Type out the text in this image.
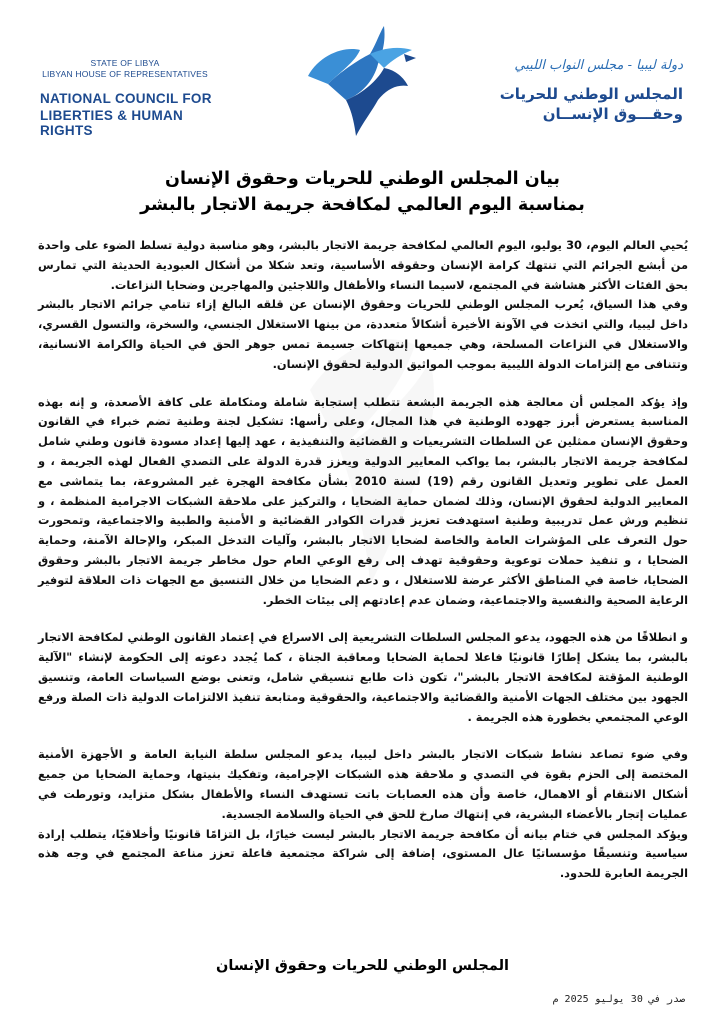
STATE OF LIBYA
LIBYAN HOUSE OF REPRESENTATIVES
NATIONAL COUNCIL FOR
LIBERTIES & HUMAN RIGHTS
دولة ليبيا - مجلس النواب الليبي
المجلس الوطني للحريات
وحقـــوق الإنســان
بيان المجلس الوطني للحريات وحقوق الإنسان
بمناسبة اليوم العالمي لمكافحة جريمة الاتجار بالبشر

يُحيي العالم اليوم، 30 يوليو، اليوم العالمي لمكافحة جريمة الاتجار بالبشر، وهو مناسبة دولية تسلط الضوء على واحدة من أبشع الجرائم التي تنتهك كرامة الإنسان وحقوقه الأساسية، وتعد شكلا من أشكال العبودية الحديثة التي تمارس بحق الفئات الأكثر هشاشة في المجتمع، لاسيما النساء والأطفال واللاجئين والمهاجرين وضحايا النزاعات.

وفي هذا السياق، يُعرب المجلس الوطني للحريات وحقوق الإنسان عن قلقه البالغ إزاء تنامي جرائم الاتجار بالبشر داخل ليبيا، والتي اتخذت في الآونة الأخيرة أشكالاً متعددة، من بينها الاستغلال الجنسي، والسخرة، والتسول القسري، والاستغلال في النزاعات المسلحة، وهي جميعها إنتهاكات جسيمة تمس جوهر الحق في الحياة والكرامة الانسانية، وتتنافى مع إلتزامات الدولة الليبية بموجب المواثيق الدولية لحقوق الإنسان.

وإذ يؤكد المجلس أن معالجة هذه الجريمة البشعة تتطلب إستجابة شاملة ومتكاملة على كافة الأصعدة، و إنه بهذه المناسبة يستعرض أبرز جهوده الوطنية في هذا المجال، وعلى رأسها: تشكيل لجنة وطنية تضم خبراء في القانون وحقوق الإنسان ممثلين عن السلطات التشريعيات و القضائية والتنفيذية ، عهد إليها إعداد مسودة قانون وطني شامل لمكافحة جريمة الاتجار بالبشر، بما يواكب المعايير الدولية ويعزز قدرة الدولة على التصدي الفعال لهذه الجريمة ، و العمل على تطوير وتعديل القانون رقم (19) لسنة 2010 بشأن مكافحة الهجرة غير المشروعة، بما يتماشى مع المعايير الدولية لحقوق الإنسان، وذلك لضمان حماية الضحايا ، والتركيز على ملاحقة الشبكات الاجرامية المنظمة ، و تنظيم ورش عمل تدريبية وطنية استهدفت تعزيز قدرات الكوادر القضائية و الأمنية والطبية والاجتماعية، وتمحورت حول التعرف على المؤشرات العامة والخاصة لضحايا الاتجار بالبشر، وآليات التدخل المبكر، والإحالة الآمنة، وحماية الضحايا ، و تنفيذ حملات توعوية وحقوقية تهدف إلى رفع الوعي العام حول مخاطر جريمة الاتجار بالبشر وحقوق الضحايا، خاصة في المناطق الأكثر عرضة للاستغلال ، و دعم الضحايا من خلال التنسيق مع الجهات ذات العلاقة لتوفير الرعاية الصحية والنفسية والاجتماعية، وضمان عدم إعادتهم إلى بيئات الخطر.

و انطلاقًا من هذه الجهود، يدعو المجلس السلطات التشريعية إلى الاسراع في إعتماد القانون الوطني لمكافحة الاتجار بالبشر، بما يشكل إطارًا قانونيًا فاعلا لحماية الضحايا ومعاقبة الجناة ، كما يُجدد دعوته إلى الحكومة لإنشاء "الآلية الوطنية المؤقتة لمكافحة الاتجار بالبشر"، تكون ذات طابع تنسيقي شامل، وتعنى بوضع السياسات العامة، وتنسيق الجهود بين مختلف الجهات الأمنية والقضائية والاجتماعية، والحقوقية ومتابعة تنفيذ الالتزامات الدولية ذات الصلة ورفع الوعي المجتمعي بخطورة هذه الجريمة .

وفي ضوء تصاعد نشاط شبكات الاتجار بالبشر داخل ليبيا، يدعو المجلس سلطة النيابة العامة و الأجهزة الأمنية المختصة إلى الحزم بقوة في التصدي و ملاحقة هذه الشبكات الإجرامية، وتفكيك بنيتها، وحماية الضحايا من جميع أشكال الانتقام أو الاهمال، خاصة وأن هذه العصابات باتت تستهدف النساء والأطفال بشكل متزايد، وتورطت في عمليات إتجار بالأعضاء البشرية، في إنتهاك صارخ للحق في الحياة والسلامة الجسدية.

ويؤكد المجلس في ختام بيانه أن مكافحة جريمة الاتجار بالبشر ليست خيارًا، بل التزامًا قانونيًا وأخلاقيًا، يتطلب إرادة سياسية وتنسيقًا مؤسساتيًا عال المستوى، إضافة إلى شراكة مجتمعية فاعلة تعزز مناعة المجتمع في وجه هذه الجريمة العابرة للحدود.

المجلس الوطني للحريات وحقوق الإنسان
صدر في 30 يوليو 2025 م
